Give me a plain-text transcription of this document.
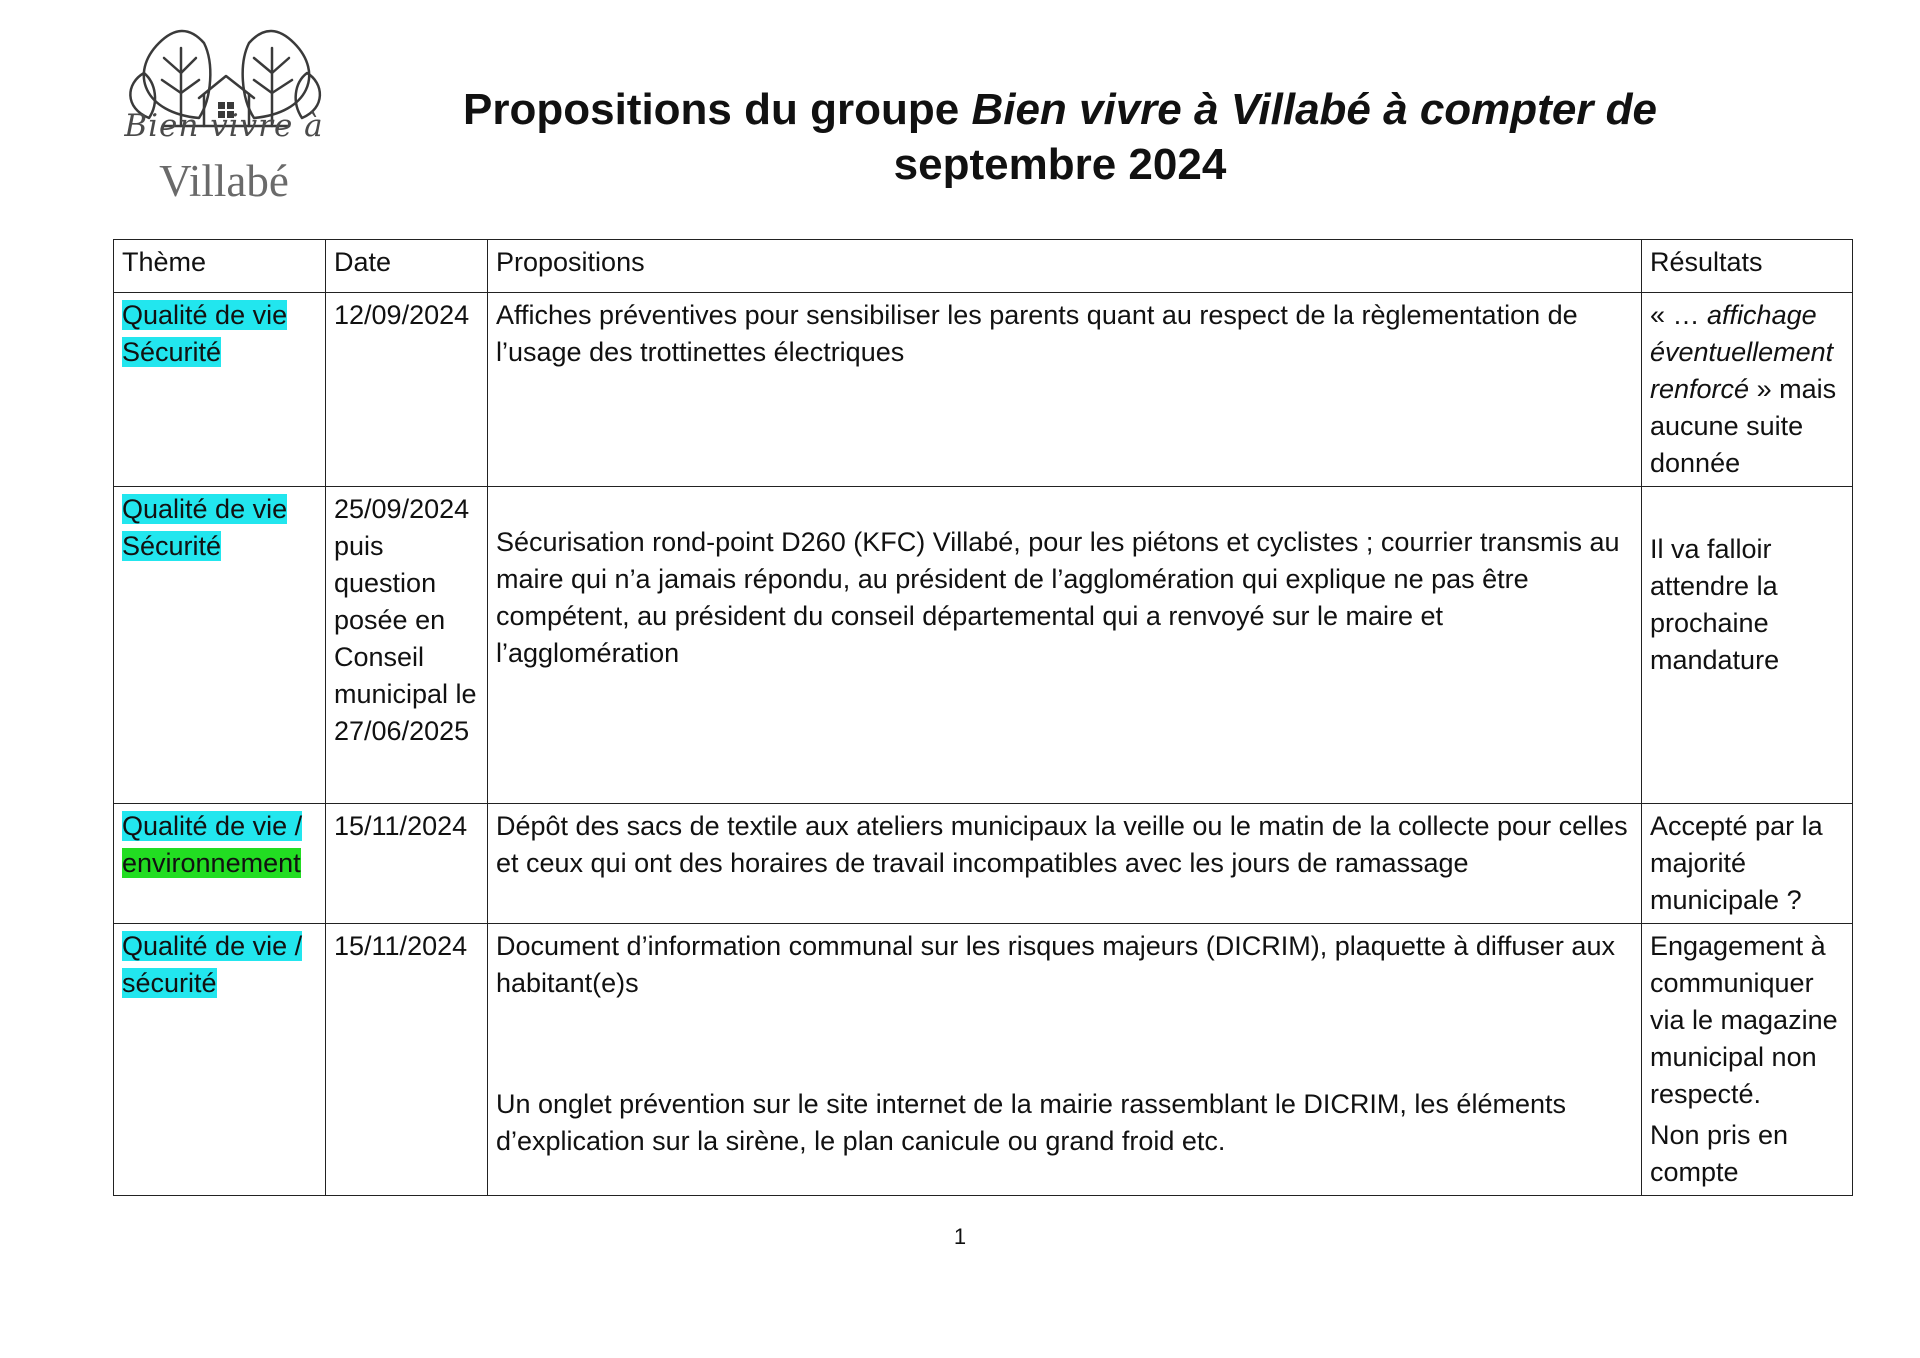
Bien vivre à
Villabé
Propositions du groupe Bien vivre à Villabé à compter de
septembre 2024
Thème	Date	Propositions	Résultats
Qualité de vie
Sécurité	12/09/2024	Affiches préventives pour sensibiliser les parents quant au respect de la règlementation de l’usage des trottinettes électriques	« … affichage éventuellement renforcé » mais aucune suite donnée
Qualité de vie
Sécurité	25/09/2024 puis question posée en Conseil municipal le 27/06/2025	Sécurisation rond-point D260 (KFC) Villabé, pour les piétons et cyclistes ; courrier transmis au maire qui n’a jamais répondu, au président de l’agglomération qui explique ne pas être compétent, au président du conseil départemental qui a renvoyé sur le maire et l’agglomération	Il va falloir attendre la prochaine mandature

Qualité de vie /
environnement	15/11/2024	Dépôt des sacs de textile aux ateliers municipaux la veille ou le matin de la collecte pour celles et ceux qui ont des horaires de travail incompatibles avec les jours de ramassage	Accepté par la majorité municipale ?
Qualité de vie /
sécurité	15/11/2024	Document d’information communal sur les risques majeurs (DICRIM), plaquette à diffuser aux habitant(e)s
Un onglet prévention sur le site internet de la mairie rassemblant le DICRIM, les éléments d’explication sur la sirène, le plan canicule ou grand froid etc.	Engagement à communiquer via le magazine municipal non respecté.
Non pris en compte
1
